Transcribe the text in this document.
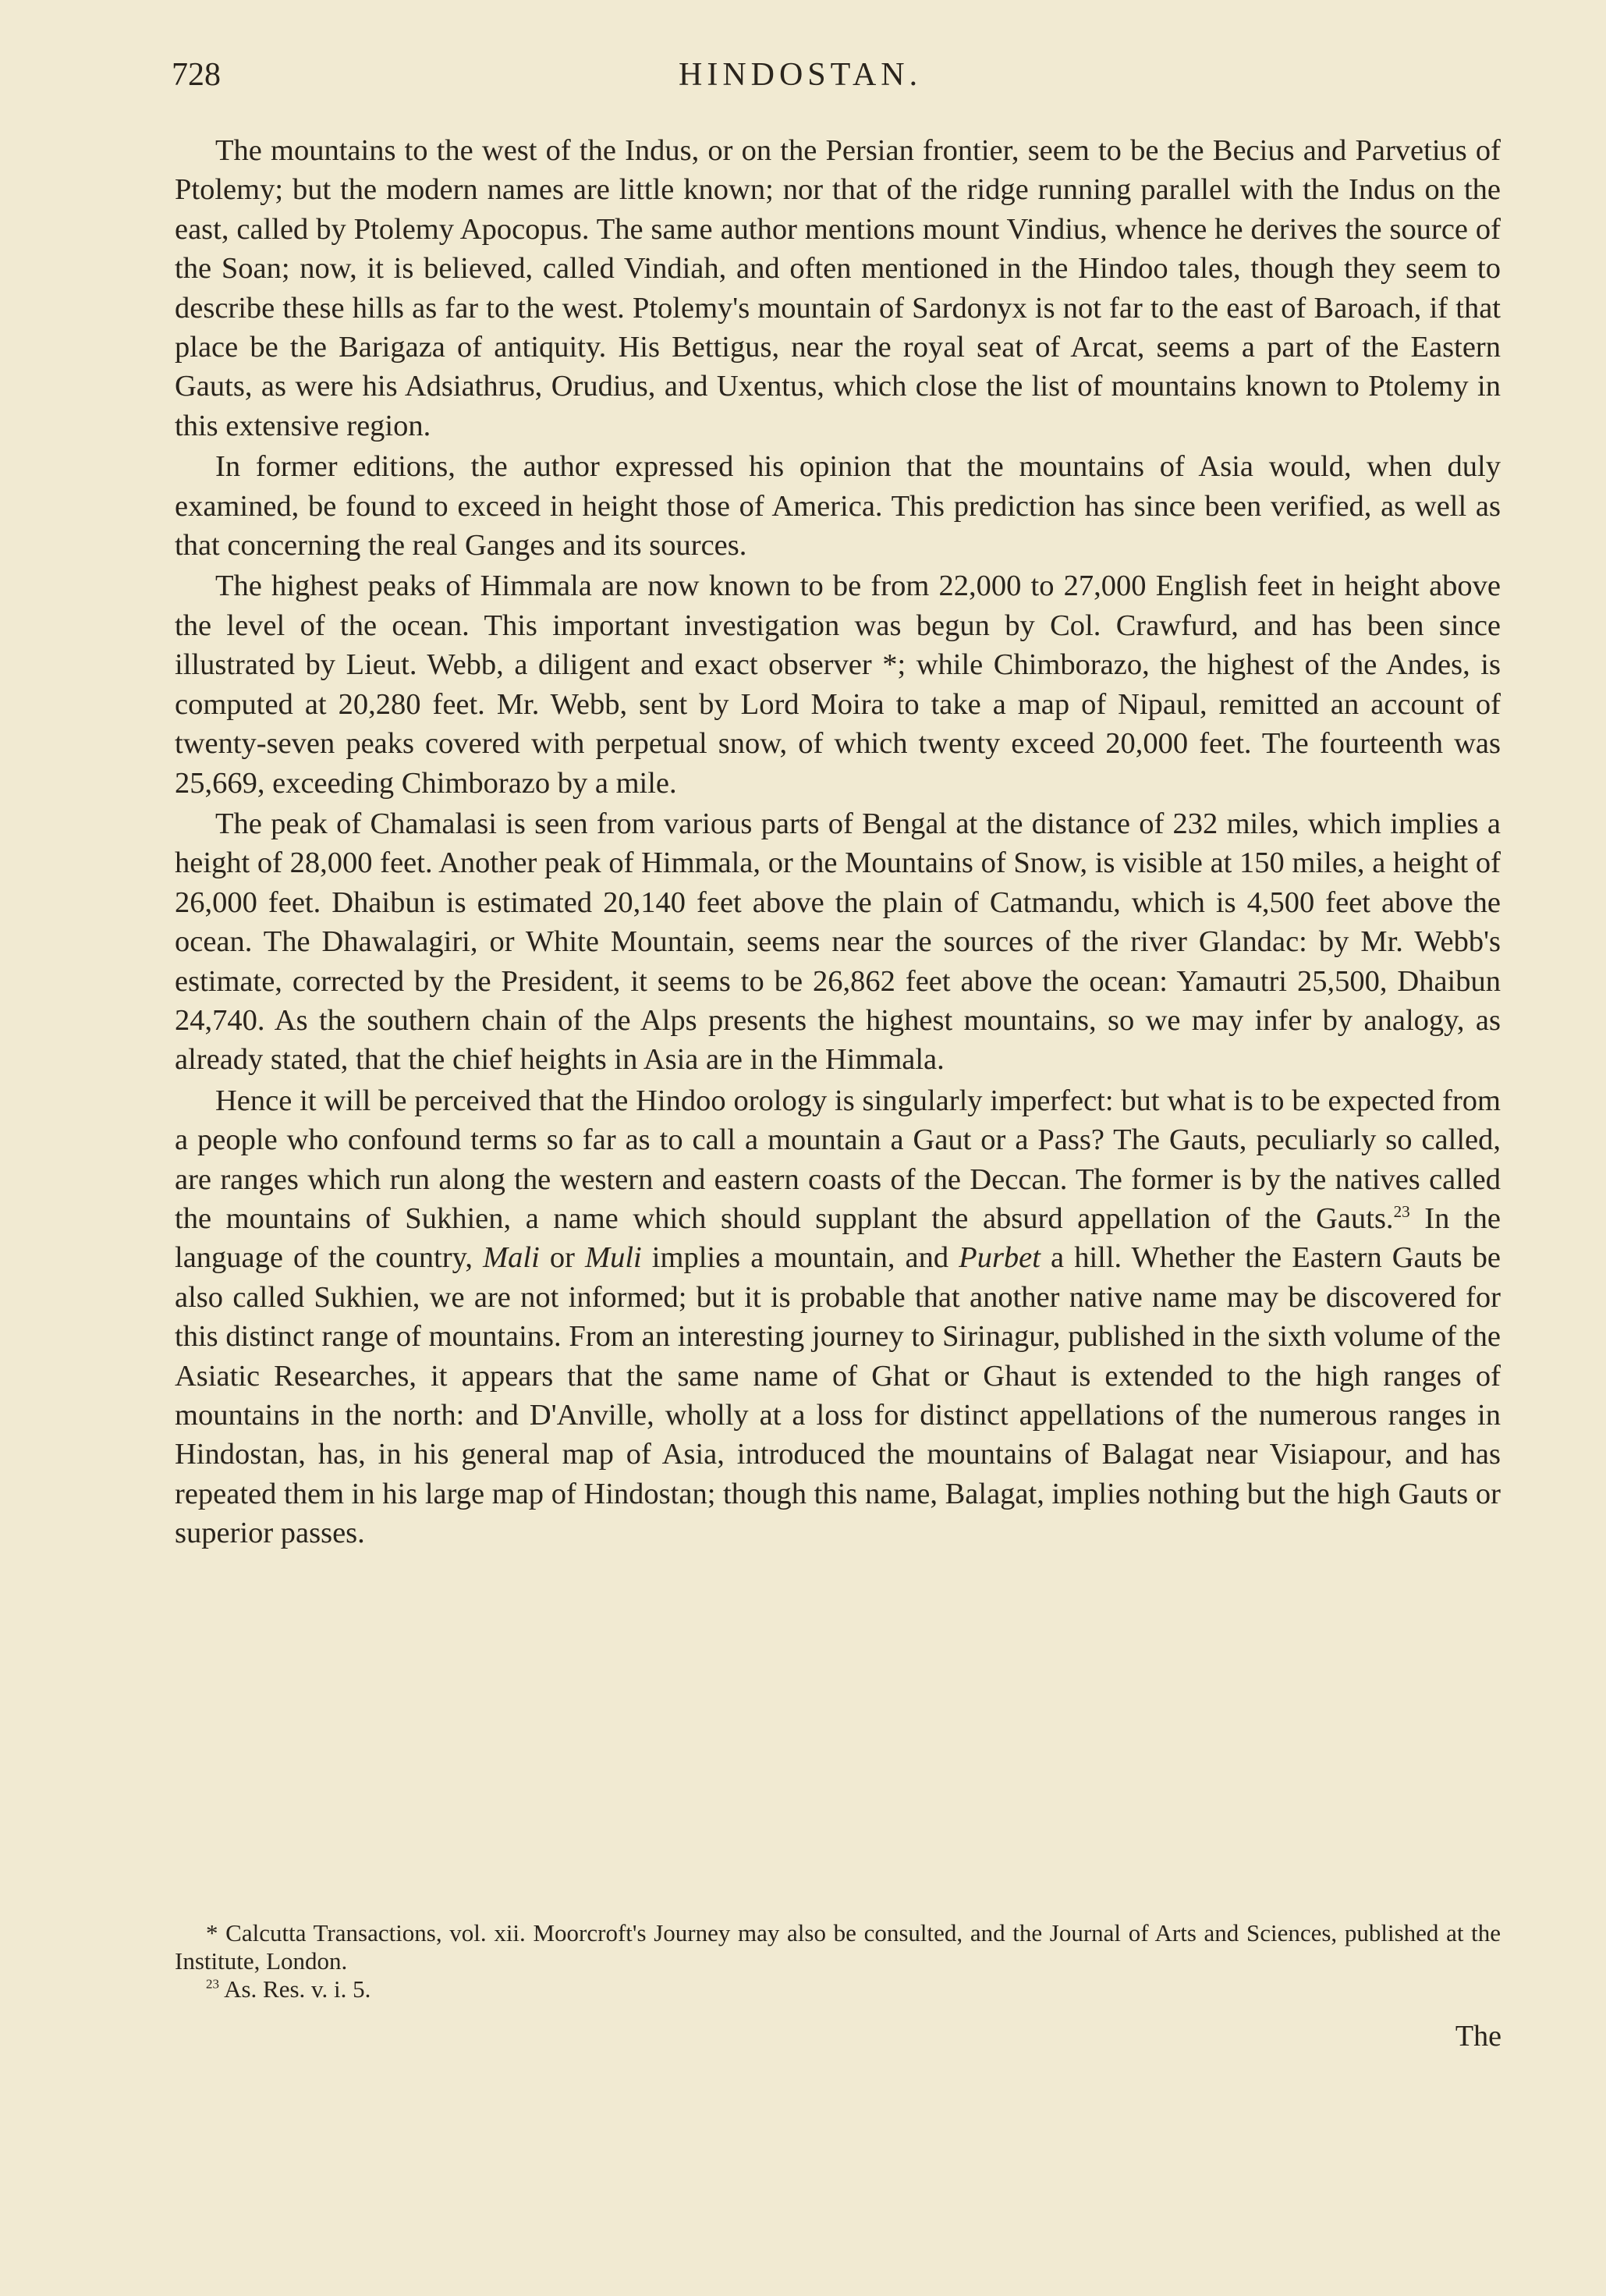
728	HINDOSTAN.

The mountains to the west of the Indus, or on the Persian frontier, seem to be the Becius and Parvetius of Ptolemy; but the modern names are little known; nor that of the ridge running parallel with the Indus on the east, called by Ptolemy Apocopus. The same author mentions mount Vindius, whence he derives the source of the Soan; now, it is believed, called Vindiah, and often mentioned in the Hindoo tales, though they seem to describe these hills as far to the west. Ptolemy's mountain of Sardonyx is not far to the east of Baroach, if that place be the Barigaza of antiquity. His Bettigus, near the royal seat of Arcat, seems a part of the Eastern Gauts, as were his Adsiathrus, Orudius, and Uxentus, which close the list of mountains known to Ptolemy in this extensive region.

In former editions, the author expressed his opinion that the mountains of Asia would, when duly examined, be found to exceed in height those of America. This prediction has since been verified, as well as that concerning the real Ganges and its sources.

The highest peaks of Himmala are now known to be from 22,000 to 27,000 English feet in height above the level of the ocean. This important investigation was begun by Col. Crawfurd, and has been since illustrated by Lieut. Webb, a diligent and exact observer *; while Chimborazo, the highest of the Andes, is computed at 20,280 feet. Mr. Webb, sent by Lord Moira to take a map of Nipaul, remitted an account of twenty-seven peaks covered with perpetual snow, of which twenty exceed 20,000 feet. The fourteenth was 25,669, exceeding Chimborazo by a mile.

The peak of Chamalasi is seen from various parts of Bengal at the distance of 232 miles, which implies a height of 28,000 feet. Another peak of Himmala, or the Mountains of Snow, is visible at 150 miles, a height of 26,000 feet. Dhaibun is estimated 20,140 feet above the plain of Catmandu, which is 4,500 feet above the ocean. The Dhawalagiri, or White Mountain, seems near the sources of the river Glandac: by Mr. Webb's estimate, corrected by the President, it seems to be 26,862 feet above the ocean: Yamautri 25,500, Dhaibun 24,740. As the southern chain of the Alps presents the highest mountains, so we may infer by analogy, as already stated, that the chief heights in Asia are in the Himmala.

Hence it will be perceived that the Hindoo orology is singularly imperfect: but what is to be expected from a people who confound terms so far as to call a mountain a Gaut or a Pass? The Gauts, peculiarly so called, are ranges which run along the western and eastern coasts of the Deccan. The former is by the natives called the mountains of Sukhien, a name which should supplant the absurd appellation of the Gauts.$^{23}$ In the language of the country, Mali or Muli implies a mountain, and Purbet a hill. Whether the Eastern Gauts be also called Sukhien, we are not informed; but it is probable that another native name may be discovered for this distinct range of mountains. From an interesting journey to Sirinagur, published in the sixth volume of the Asiatic Researches, it appears that the same name of Ghat or Ghaut is extended to the high ranges of mountains in the north: and D'Anville, wholly at a loss for distinct appellations of the numerous ranges in Hindostan, has, in his general map of Asia, introduced the mountains of Balagat near Visiapour, and has repeated them in his large map of Hindostan; though this name, Balagat, implies nothing but the high Gauts or superior passes.

* Calcutta Transactions, vol. xii. Moorcroft's Journey may also be consulted, and the Journal of Arts and Sciences, published at the Institute, London.

$^{23}$ As. Res. v. i. 5.

The
